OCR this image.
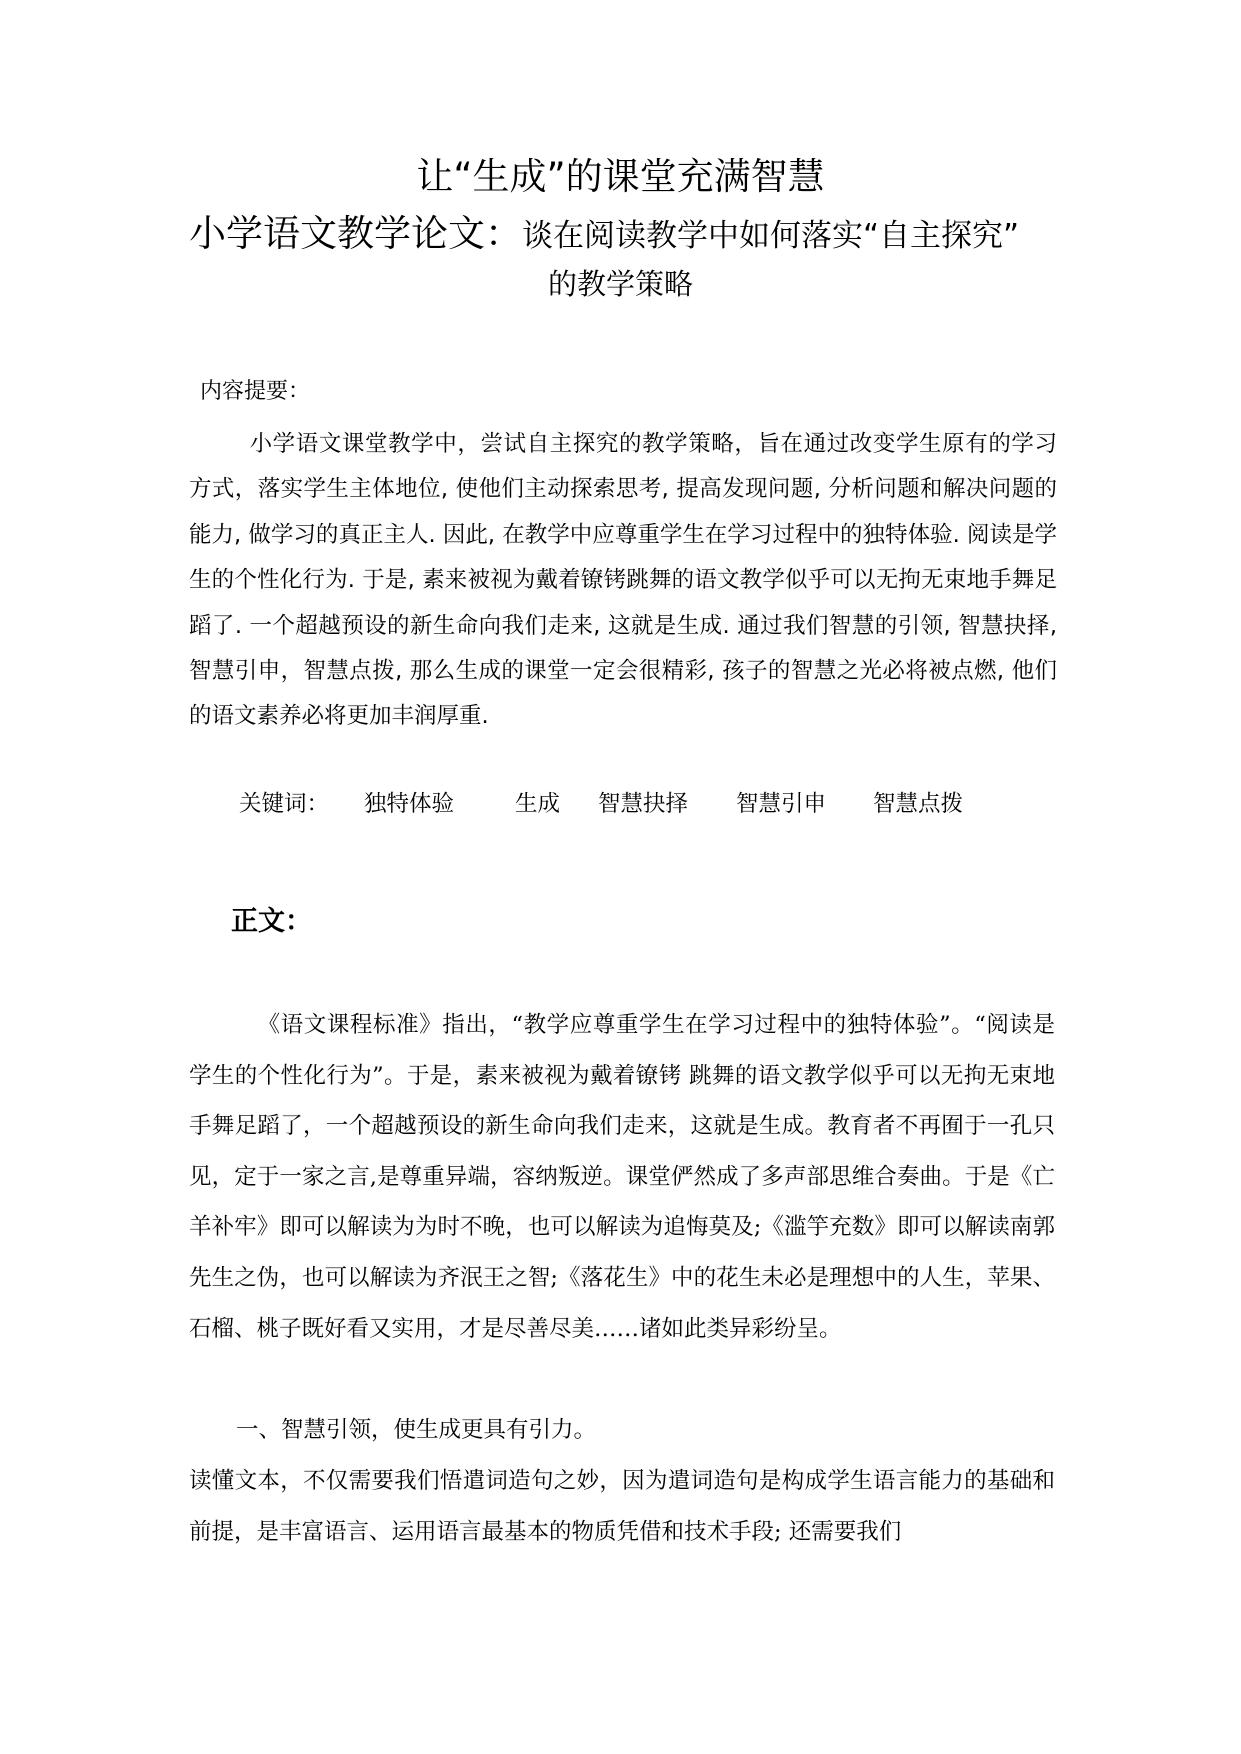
让“生成”的课堂充满智慧
小学语文教学论文：谈在阅读教学中如何落实“自主探究”
的教学策略
内容提要：

小学语文课堂教学中，尝试自主探究的教学策略，旨在通过改变学生原有的学习方式，落实学生主体地位, 使他们主动探索思考, 提高发现问题, 分析问题和解决问题的能力, 做学习的真正主人. 因此, 在教学中应尊重学生在学习过程中的独特体验. 阅读是学生的个性化行为. 于是, 素来被视为戴着镣铐跳舞的语文教学似乎可以无拘无束地手舞足蹈了. 一个超越预设的新生命向我们走来, 这就是生成. 通过我们智慧的引领, 智慧抉择, 智慧引申，智慧点拨, 那么生成的课堂一定会很精彩, 孩子的智慧之光必将被点燃, 他们的语文素养必将更加丰润厚重.

关键词： 独特体验	生成 智慧抉择 智慧引申 智慧点拨
正文：

《语文课程标准》指出，“教学应尊重学生在学习过程中的独特体验”。“阅读是学生的个性化行为”。于是，素来被视为戴着镣铐 跳舞的语文教学似乎可以无拘无束地手舞足蹈了，一个超越预设的新生命向我们走来，这就是生成。教育者不再囿于一孔只见，定于一家之言,是尊重异端，容纳叛逆。课堂俨然成了多声部思维合奏曲。于是《亡羊补牢》即可以解读为为时不晚，也可以解读为追悔莫及;《滥竽充数》即可以解读南郭先生之伪，也可以解读为齐泯王之智;《落花生》中的花生未必是理想中的人生，苹果、石榴、桃子既好看又实用，才是尽善尽美……诸如此类异彩纷呈。

一、智慧引领，使生成更具有引力。

读懂文本，不仅需要我们悟遣词造句之妙，因为遣词造句是构成学生语言能力的基础和前提，是丰富语言、运用语言最基本的物质凭借和技术手段; 还需要我们
